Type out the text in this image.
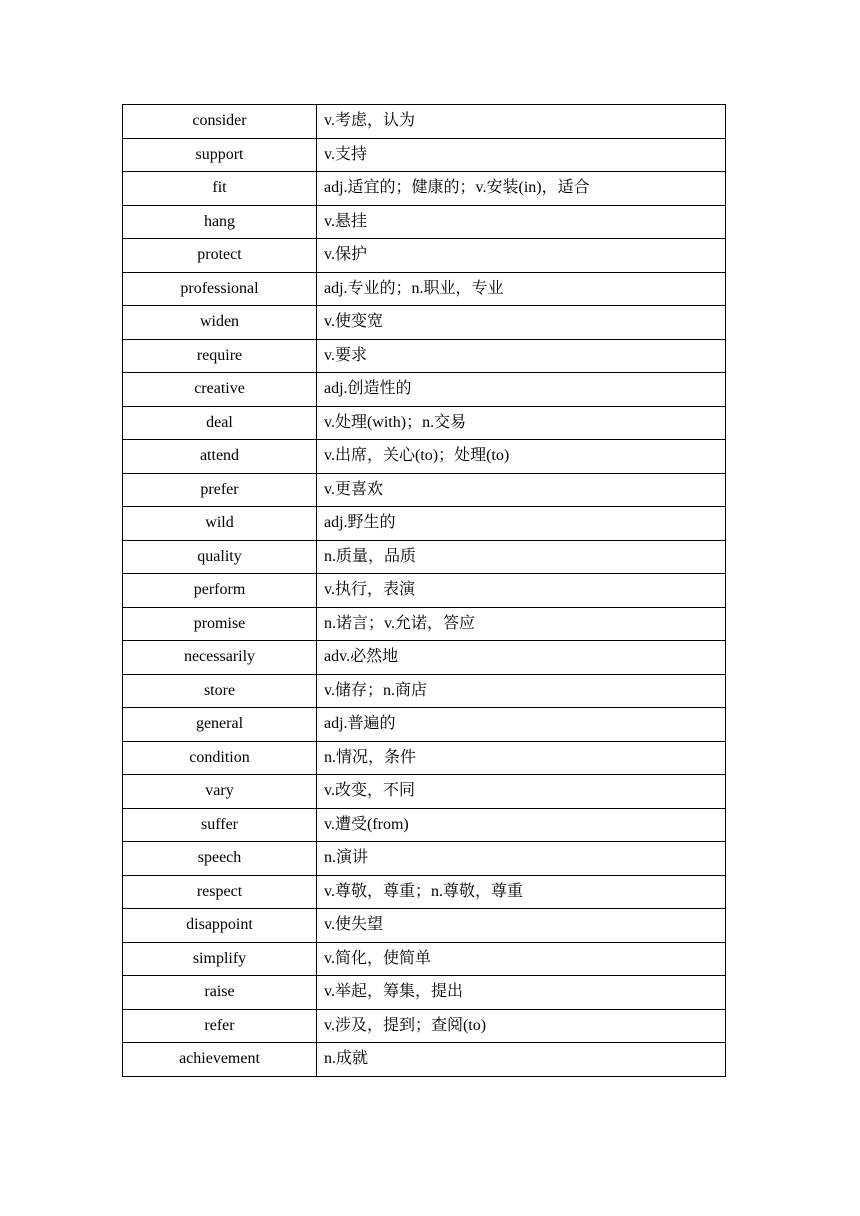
consider	v.考虑，认为
support	v.支持
fit	adj.适宜的；健康的；v.安装(in)，适合
hang	v.悬挂
protect	v.保护
professional	adj.专业的；n.职业，专业
widen	v.使变宽
require	v.要求
creative	adj.创造性的
deal	v.处理(with)；n.交易
attend	v.出席，关心(to)；处理(to)
prefer	v.更喜欢
wild	adj.野生的
quality	n.质量，品质
perform	v.执行，表演
promise	n.诺言；v.允诺，答应
necessarily	adv.必然地
store	v.储存；n.商店
general	adj.普遍的
condition	n.情况，条件
vary	v.改变，不同
suffer	v.遭受(from)
speech	n.演讲
respect	v.尊敬，尊重；n.尊敬，尊重
disappoint	v.使失望
simplify	v.简化，使简单
raise	v.举起，筹集，提出
refer	v.涉及，提到；查阅(to)
achievement	n.成就
